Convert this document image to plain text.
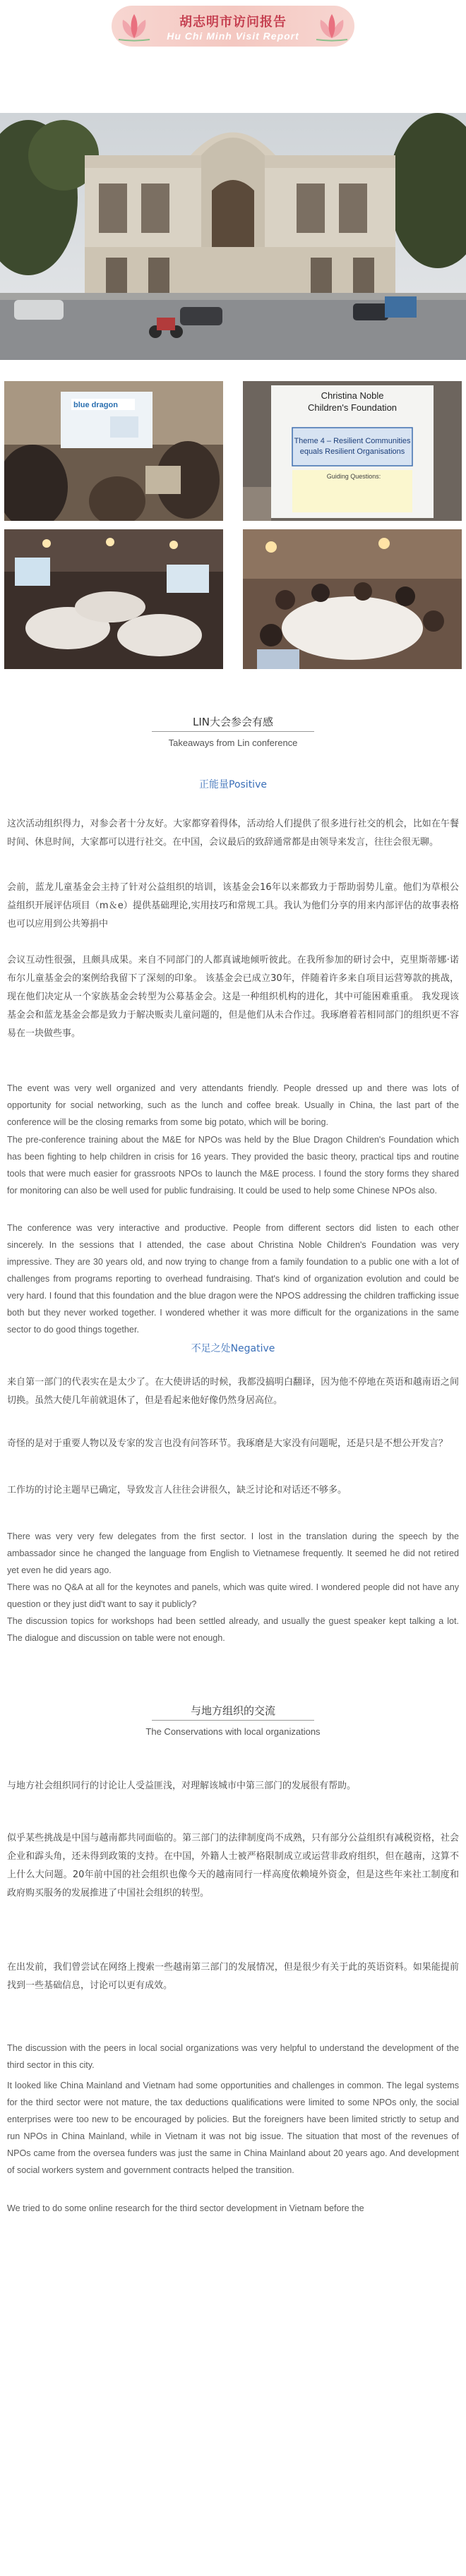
胡志明市访问报告
Hu Chi Minh Visit Report
blue dragon
Christina Noble
Children's Foundation
Theme 4 – Resilient Communities
equals Resilient Organisations
Guiding Questions:
LIN大会参会有感
Takeaways from Lin conference
正能量Positive
这次活动组织得力，对参会者十分友好。大家都穿着得体，活动给人们提供了很多进行社交的机会，比如在午餐时间、休息时间，大家都可以进行社交。在中国，会议最后的致辞通常都是由领导来发言，往往会很无聊。
会前，蓝龙儿童基金会主持了针对公益组织的培训，该基金会16年以来都致力于帮助弱势儿童。他们为草根公益组织开展评估项目（m＆e）提供基础理论,实用技巧和常规工具。我认为他们分享的用来内部评估的故事表格也可以应用到公共筹捐中
会议互动性很强，且颇具成果。来自不同部门的人都真诚地倾听彼此。在我所参加的研讨会中，克里斯蒂娜·诺布尔儿童基金会的案例给我留下了深刻的印象。 该基金会已成立30年，伴随着许多来自项目运营筹款的挑战，现在他们决定从一个家族基金会转型为公募基金会。这是一种组织机构的进化，其中可能困难重重。 我发现该基金会和蓝龙基金会都是致力于解决贩卖儿童问题的，但是他们从未合作过。我琢磨着若相同部门的组织更不容易在一块做些事。
The event was very well organized and very attendants friendly. People dressed up and there was lots of opportunity for social networking, such as the lunch and coffee break. Usually in China, the last part of the conference will be the closing remarks from some big potato, which will be boring.
The pre-conference training about the M&E for NPOs was held by the Blue Dragon Children's Foundation which has been fighting to help children in crisis for 16 years. They provided the basic theory, practical tips and routine tools that were much easier for grassroots NPOs to launch the M&E process. I found the story forms they shared for monitoring can also be well used for public fundraising. It could be used to help some Chinese NPOs also.
The conference was very interactive and productive. People from different sectors did listen to each other sincerely. In the sessions that I attended, the case about Christina Noble Children's Foundation was very impressive. They are 30 years old, and now trying to change from a family foundation to a public one with a lot of challenges from programs reporting to overhead fundraising. That's kind of organization evolution and could be very hard. I found that this foundation and the blue dragon were the NPOS addressing the children trafficking issue both but they never worked together. I wondered whether it was more difficult for the organizations in the same sector to do good things together.
不足之处Negative
来自第一部门的代表实在是太少了。在大使讲话的时候，我都没搞明白翻译，因为他不停地在英语和越南语之间切换。虽然大使几年前就退休了，但是看起来他好像仍然身居高位。
奇怪的是对于重要人物以及专家的发言也没有问答环节。我琢磨是大家没有问题呢，还是只是不想公开发言？
工作坊的讨论主题早已确定，导致发言人往往会讲很久，缺乏讨论和对话还不够多。
There was very very few delegates from the first sector. I lost in the translation during the speech by the ambassador since he changed the language from English to Vietnamese frequently. It seemed he did not retired yet even he did years ago.
There was no Q&A at all for the keynotes and panels, which was quite wired. I wondered people did not have any question or they just did't want to say it publicly?
The discussion topics for workshops had been settled already, and usually the guest speaker kept talking a lot. The dialogue and discussion on table were not enough.
与地方组织的交流
The Conservations with local organizations
与地方社会组织同行的讨论让人受益匪浅，对理解该城市中第三部门的发展很有帮助。
似乎某些挑战是中国与越南都共同面临的。第三部门的法律制度尚不成熟，只有部分公益组织有减税资格，社会企业和霹头角，还未得到政策的支持。在中国，外籍人士被严格限制成立或运营非政府组织，但在越南，这算不上什么大问题。20年前中国的社会组织也像今天的越南同行一样高度依赖境外资金，但是这些年来社工制度和政府购买服务的发展推进了中国社会组织的转型。
在出发前，我们曾尝试在网络上搜索一些越南第三部门的发展情况，但是很少有关于此的英语资料。如果能提前找到一些基础信息，讨论可以更有成效。
The discussion with the peers in local social organizations was very helpful to understand the development of the third sector in this city.
It looked like China Mainland and Vietnam had some opportunities and challenges in common. The legal systems for the third sector were not mature, the tax deductions qualifications were limited to some NPOs only, the social enterprises were too new to be encouraged by policies. But the foreigners have been limited strictly to setup and run NPOs in China Mainland, while in Vietnam it was not big issue. The situation that most of the revenues of NPOs came from the oversea funders was just the same in China Mainland about 20 years ago. And development of social workers system and government contracts helped the transition.
We tried to do some online research for the third sector development in Vietnam before the
